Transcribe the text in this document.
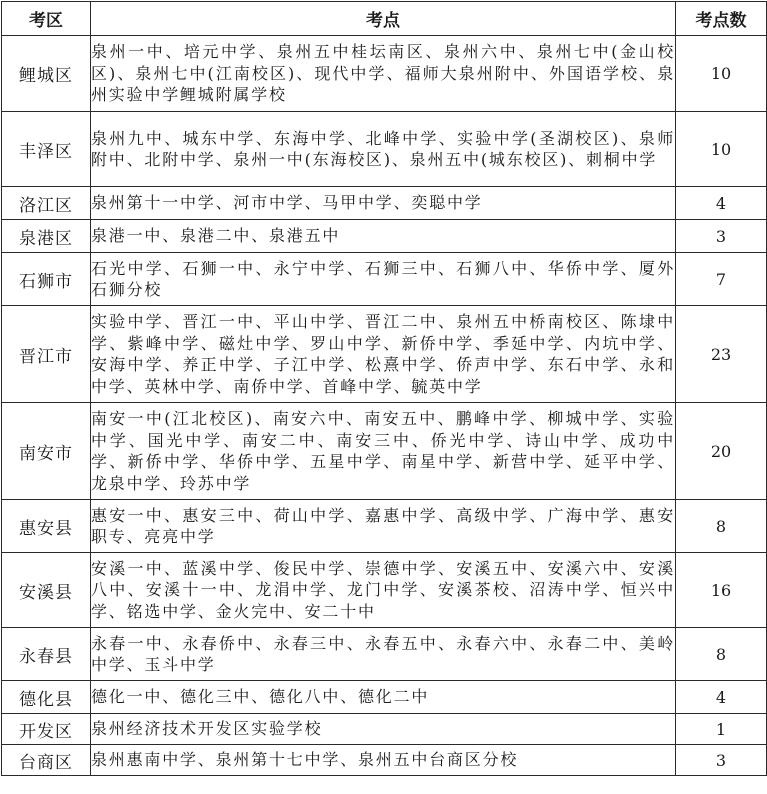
考区	考点	考点数
鲤城区	泉州一中、培元中学、泉州五中桂坛南区、泉州六中、泉州七中(金山校区)、泉州七中(江南校区)、现代中学、福师大泉州附中、外国语学校、泉州实验中学鲤城附属学校	10
丰泽区	泉州九中、城东中学、东海中学、北峰中学、实验中学(圣湖校区)、泉师附中、北附中学、泉州一中(东海校区)、泉州五中(城东校区)、刺桐中学	10
洛江区	泉州第十一中学、河市中学、马甲中学、奕聪中学	4
泉港区	泉港一中、泉港二中、泉港五中	3
石狮市	石光中学、石狮一中、永宁中学、石狮三中、石狮八中、华侨中学、厦外石狮分校	7
晋江市	实验中学、晋江一中、平山中学、晋江二中、泉州五中桥南校区、陈埭中学、紫峰中学、磁灶中学、罗山中学、新侨中学、季延中学、内坑中学、安海中学、养正中学、子江中学、松熹中学、侨声中学、东石中学、永和中学、英林中学、南侨中学、首峰中学、毓英中学	23
南安市	南安一中(江北校区)、南安六中、南安五中、鹏峰中学、柳城中学、实验中学、国光中学、南安二中、南安三中、侨光中学、诗山中学、成功中学、新侨中学、华侨中学、五星中学、南星中学、新营中学、延平中学、龙泉中学、玲苏中学	20
惠安县	惠安一中、惠安三中、荷山中学、嘉惠中学、高级中学、广海中学、惠安职专、亮亮中学	8
安溪县	安溪一中、蓝溪中学、俊民中学、崇德中学、安溪五中、安溪六中、安溪八中、安溪十一中、龙涓中学、龙门中学、安溪茶校、沼涛中学、恒兴中学、铭选中学、金火完中、安二十中	16
永春县	永春一中、永春侨中、永春三中、永春五中、永春六中、永春二中、美岭中学、玉斗中学	8
德化县	德化一中、德化三中、德化八中、德化二中	4
开发区	泉州经济技术开发区实验学校	1
台商区	泉州惠南中学、泉州第十七中学、泉州五中台商区分校	3
